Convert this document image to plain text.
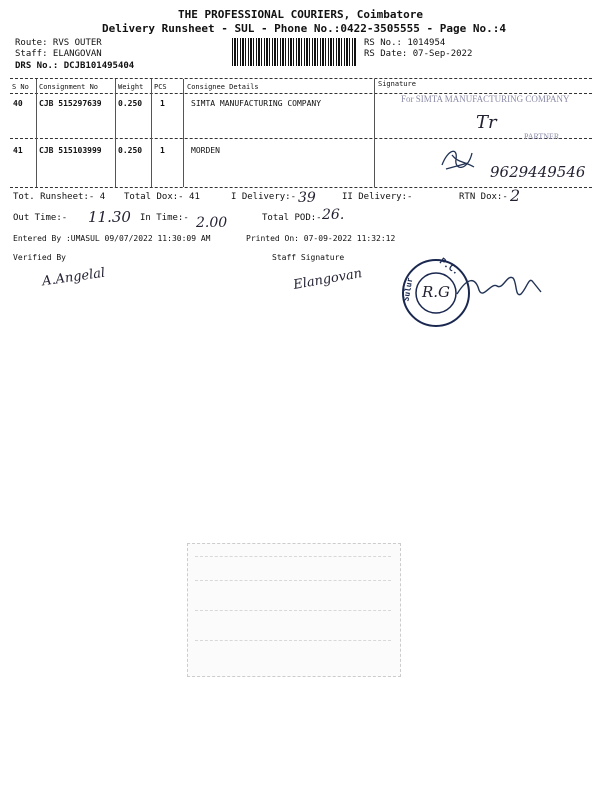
THE PROFESSIONAL COURIERS, Coimbatore
Delivery Runsheet - SUL - Phone No.:0422-3505555 - Page No.:4
Route: RVS OUTER
Staff: ELANGOVAN
DRS No.: DCJB101495404
RS No.: 1014954
RS Date: 07-Sep-2022
S No Consignment No	Weight PCS	Consignee Details	Signature
40 CJB 515297639 0.250 1	SIMTA MANUFACTURING COMPANY	For SIMTA MANUFACTURING COMPANY
Tr
PARTNER
41 CJB 515103999 0.250 1	MORDEN
9629449546
Tot. Runsheet:- 4 Total Dox:- 41	I Delivery:- 39	II Delivery:-	RTN Dox:- 2
Out Time:- 11.30 In Time:- 2.00	Total POD:- 26.
Entered By :UMASUL 09/07/2022 11:30:09 AM	Printed On: 07-09-2022 11:32:12
Verified By
A.Angelal
Staff Signature
Elangovan	P.C.
Sulur R.G
